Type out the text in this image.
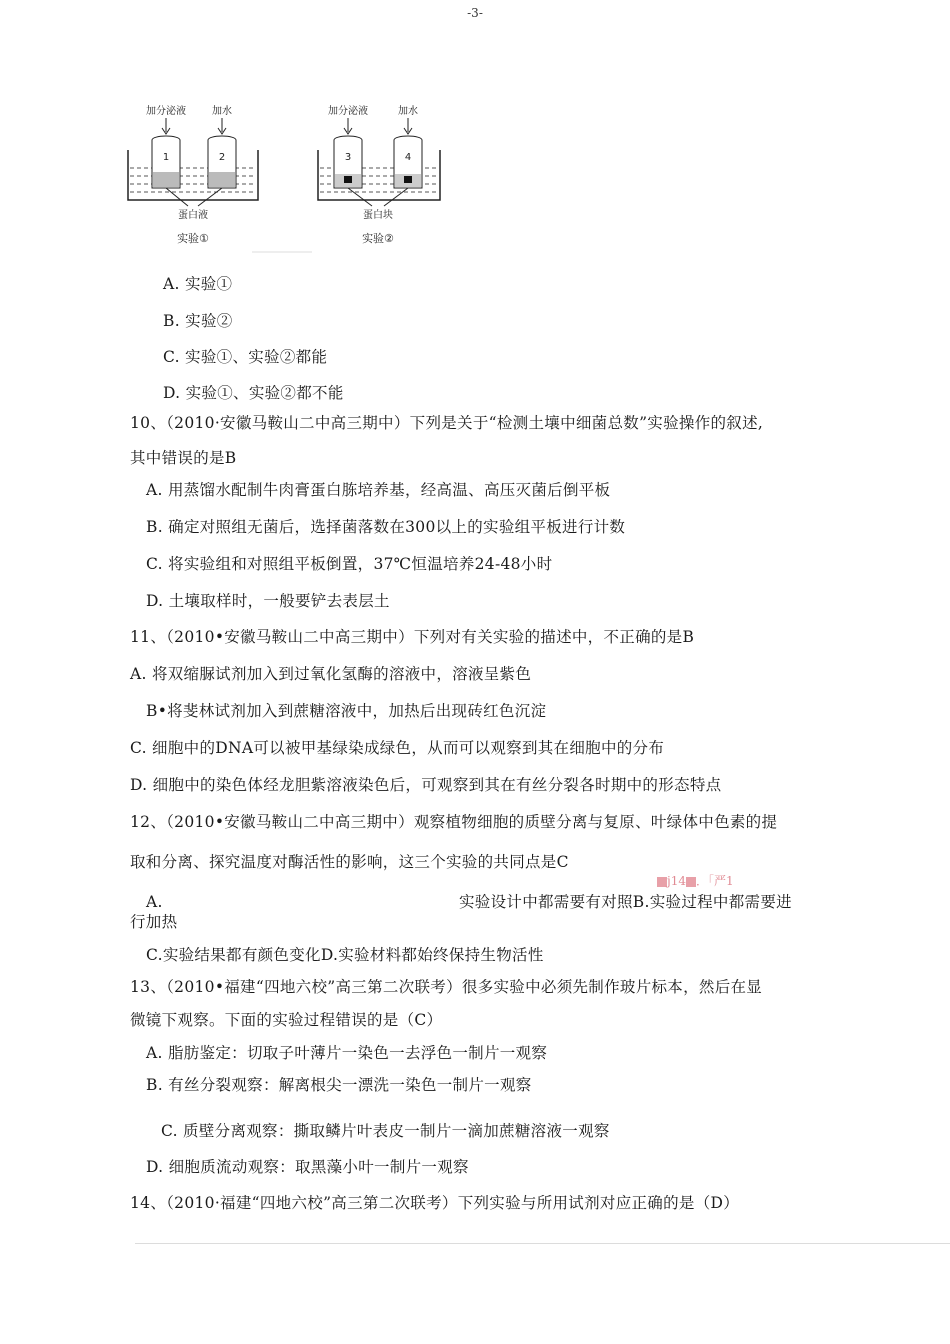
-3-
加分泌液	加水
1	2
蛋白液
实验①
加分泌液	加水
3	4
蛋白块
实验②
A. 实验①
B. 实验②
C. 实验①、实验②都能
D. 实验①、实验②都不能
10、（2010·安徽马鞍山二中高三期中）下列是关于“检测土壤中细菌总数”实验操作的叙述,
其中错误的是B
A. 用蒸馏水配制牛肉膏蛋白胨培养基，经高温、高压灭菌后倒平板
B. 确定对照组无菌后，选择菌落数在300以上的实验组平板进行计数
C. 将实验组和对照组平板倒置，37℃恒温培养24-48小时
D. 土壤取样时，一般要铲去表层土
11、（2010•安徽马鞍山二中高三期中）下列对有关实验的描述中，不正确的是B
A. 将双缩脲试剂加入到过氧化氢酶的溶液中，溶液呈紫色
B•将斐林试剂加入到蔗糖溶液中，加热后出现砖红色沉淀
C. 细胞中的DNA可以被甲基绿染成绿色，从而可以观察到其在细胞中的分布
D. 细胞中的染色体经龙胆紫溶液染色后，可观察到其在有丝分裂各时期中的形态特点
12、（2010•安徽马鞍山二中高三期中）观察植物细胞的质壁分离与复原、叶绿体中色素的提
取和分离、探究温度对酶活性的影响，这三个实验的共同点是C
j14 ．「严1
A.	实验设计中都需要有对照B.实验过程中都需要进
行加热
C.实验结果都有颜色变化D.实验材料都始终保持生物活性
13、（2010•福建“四地六校”高三第二次联考）很多实验中必须先制作玻片标本，然后在显
微镜下观察。下面的实验过程错误的是（C）
A. 脂肪鉴定：切取子叶薄片一染色一去浮色一制片一观察
B. 有丝分裂观察：解离根尖一漂洗一染色一制片一观察
C. 质壁分离观察：撕取鳞片叶表皮一制片一滴加蔗糖溶液一观察
D. 细胞质流动观察：取黑藻小叶一制片一观察
14、（2010·福建“四地六校”高三第二次联考）下列实验与所用试剂对应正确的是（D）
